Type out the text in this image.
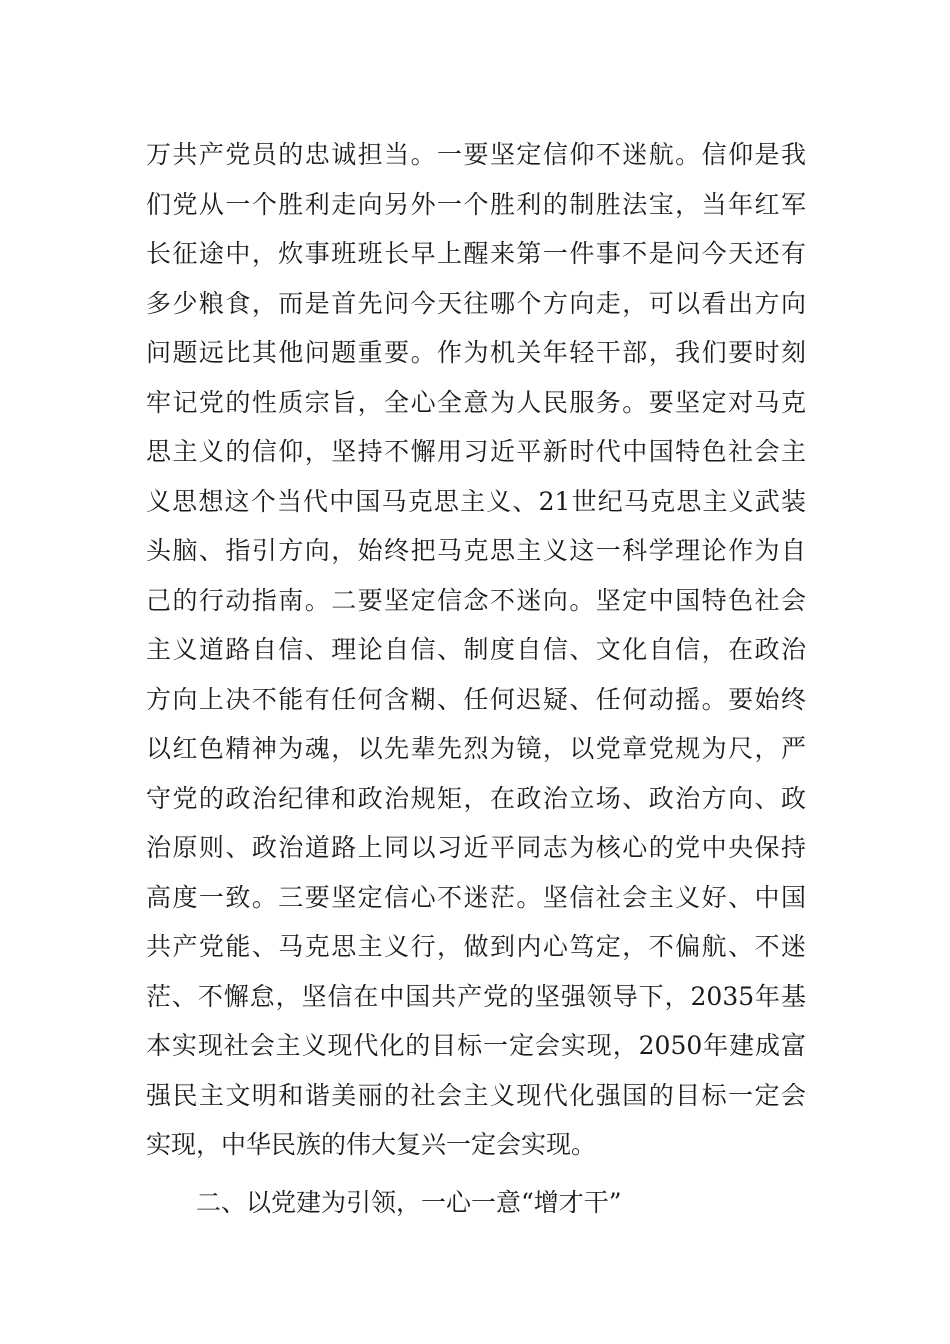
万共产党员的忠诚担当。一要坚定信仰不迷航。信仰是我
们党从一个胜利走向另外一个胜利的制胜法宝，当年红军
长征途中，炊事班班长早上醒来第一件事不是问今天还有
多少粮食，而是首先问今天往哪个方向走，可以看出方向
问题远比其他问题重要。作为机关年轻干部，我们要时刻
牢记党的性质宗旨，全心全意为人民服务。要坚定对马克
思主义的信仰，坚持不懈用习近平新时代中国特色社会主
义思想这个当代中国马克思主义、21世纪马克思主义武装
头脑、指引方向，始终把马克思主义这一科学理论作为自
己的行动指南。二要坚定信念不迷向。坚定中国特色社会
主义道路自信、理论自信、制度自信、文化自信，在政治
方向上决不能有任何含糊、任何迟疑、任何动摇。要始终
以红色精神为魂，以先辈先烈为镜，以党章党规为尺，严
守党的政治纪律和政治规矩，在政治立场、政治方向、政
治原则、政治道路上同以习近平同志为核心的党中央保持
高度一致。三要坚定信心不迷茫。坚信社会主义好、中国
共产党能、马克思主义行，做到内心笃定，不偏航、不迷
茫、不懈怠，坚信在中国共产党的坚强领导下，2035年基
本实现社会主义现代化的目标一定会实现，2050年建成富
强民主文明和谐美丽的社会主义现代化强国的目标一定会
实现，中华民族的伟大复兴一定会实现。
二、以党建为引领，一心一意“增才干”
